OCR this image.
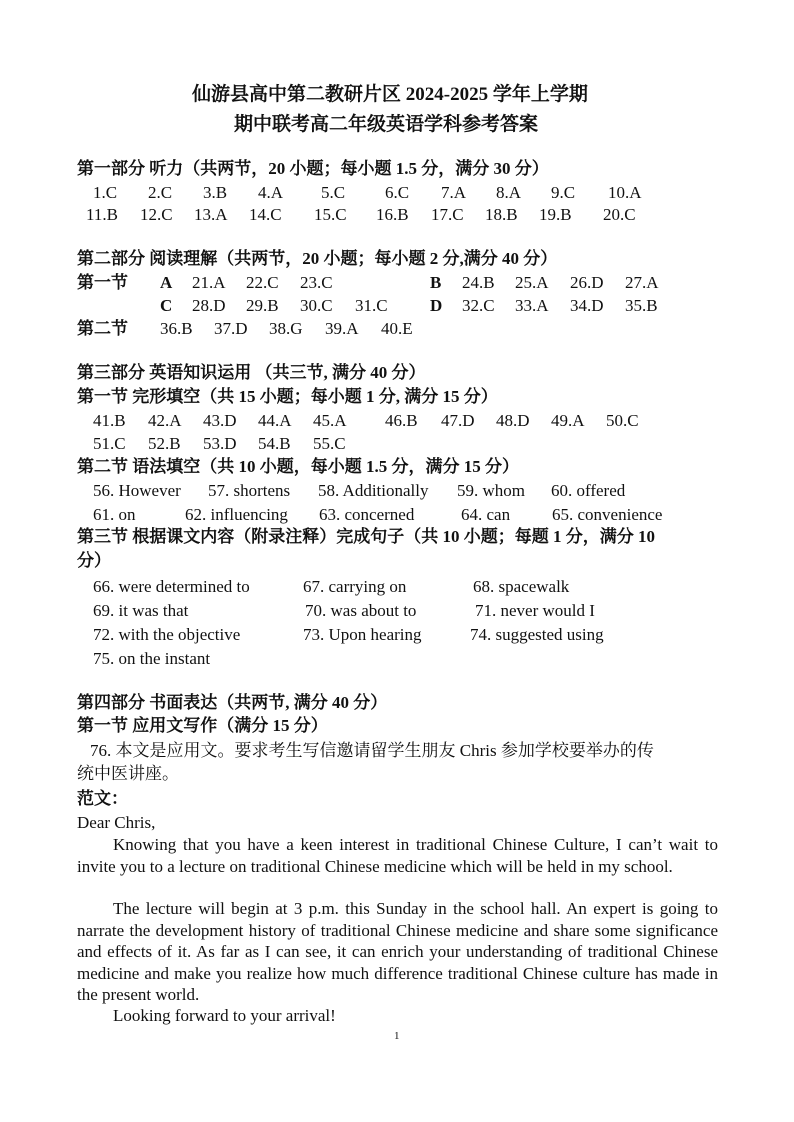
仙游县高中第二教研片区 2024-2025 学年上学期
期中联考高二年级英语学科参考答案
第一部分 听力（共两节，20 小题；每小题 1.5 分，满分 30 分）
1.C 2.C 3.B 4.A 5.C 6.C 7.A 8.A 9.C 10.A
11.B 12.C 13.A 14.C 15.C 16.B 17.C 18.B 19.B 20.C
第二部分 阅读理解（共两节，20 小题；每小题 2 分,满分 40 分）
第一节 A 21.A 22.C 23.C	B 24.B 25.A 26.D 27.A
C 28.D 29.B 30.C 31.C D 32.C 33.A 34.D 35.B
第二节 36.B 37.D 38.G 39.A 40.E
第三部分 英语知识运用 （共三节, 满分 40 分）
第一节 完形填空（共 15 小题；每小题 1 分, 满分 15 分）
41.B 42.A 43.D 44.A 45.A 46.B 47.D 48.D 49.A 50.C
51.C 52.B 53.D 54.B 55.C
第二节 语法填空（共 10 小题，每小题 1.5 分，满分 15 分）
56. However 57. shortens 58. Additionally 59. whom 60. offered
61. on	62. influencing 63. concerned	64. can 65. convenience
第三节 根据课文内容（附录注释）完成句子（共 10 小题；每题 1 分，满分 10
分）
66. were determined to	67. carrying on	68. spacewalk
69. it was that	70. was about to	71. never would I
72. with the objective	73. Upon hearing	74. suggested using
75. on the instant
第四部分 书面表达（共两节, 满分 40 分）
第一节 应用文写作（满分 15 分）
76. 本文是应用文。要求考生写信邀请留学生朋友 Chris 参加学校要举办的传
统中医讲座。
范文：
Dear Chris,
Knowing that you have a keen interest in traditional Chinese Culture, I can’t wait to invite you to a lecture on traditional Chinese medicine which will be held in my school.
The lecture will begin at 3 p.m. this Sunday in the school hall. An expert is going to narrate the development history of traditional Chinese medicine and share some significance and effects of it. As far as I can see, it can enrich your understanding of traditional Chinese medicine and make you realize how much difference traditional Chinese culture has made in the present world.
Looking forward to your arrival!
1
